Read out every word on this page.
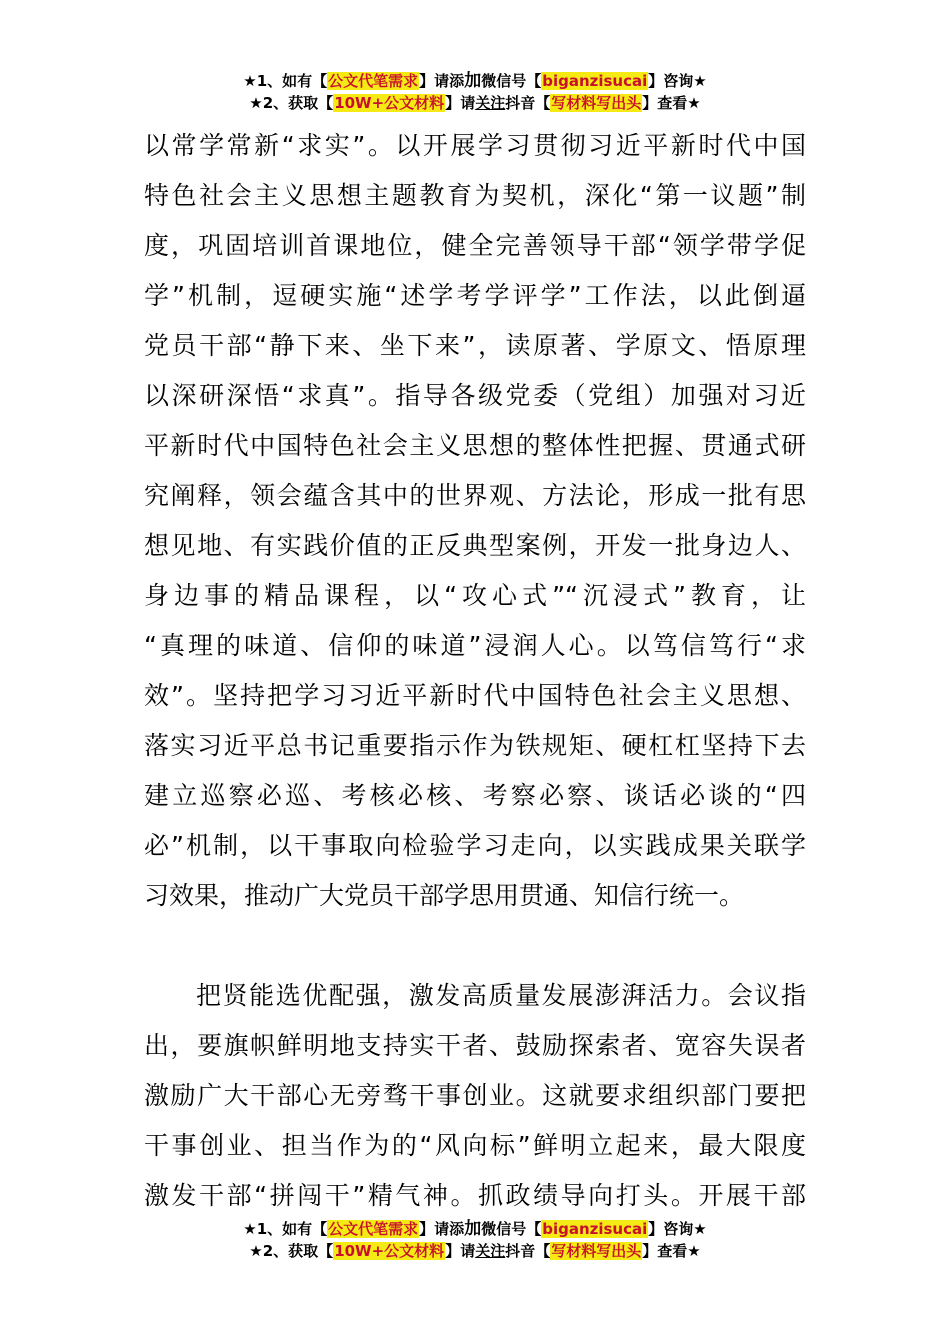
★1、如有【公文代笔需求】请添加微信号【biganzisucai】咨询★
★2、获取【10W+公文材料】请关注抖音【写材料写出头】查看★
以常学常新“求实”。以开展学习贯彻习近平新时代中国
特色社会主义思想主题教育为契机，深化“第一议题”制
度，巩固培训首课地位，健全完善领导干部“领学带学促
学”机制，逗硬实施“述学考学评学”工作法，以此倒逼
党员干部“静下来、坐下来”，读原著、学原文、悟原理
以深研深悟“求真”。指导各级党委（党组）加强对习近
平新时代中国特色社会主义思想的整体性把握、贯通式研
究阐释，领会蕴含其中的世界观、方法论，形成一批有思
想见地、有实践价值的正反典型案例，开发一批身边人、
身边事的精品课程，以“攻心式”“沉浸式”教育，让
“真理的味道、信仰的味道”浸润人心。以笃信笃行“求
效”。坚持把学习习近平新时代中国特色社会主义思想、
落实习近平总书记重要指示作为铁规矩、硬杠杠坚持下去
建立巡察必巡、考核必核、考察必察、谈话必谈的“四
必”机制，以干事取向检验学习走向，以实践成果关联学
习效果，推动广大党员干部学思用贯通、知信行统一。
把贤能选优配强，激发高质量发展澎湃活力。会议指
出，要旗帜鲜明地支持实干者、鼓励探索者、宽容失误者
激励广大干部心无旁骛干事创业。这就要求组织部门要把
干事创业、担当作为的“风向标”鲜明立起来，最大限度
激发干部“拼闯干”精气神。抓政绩导向打头。开展干部
★1、如有【公文代笔需求】请添加微信号【biganzisucai】咨询★
★2、获取【10W+公文材料】请关注抖音【写材料写出头】查看★
